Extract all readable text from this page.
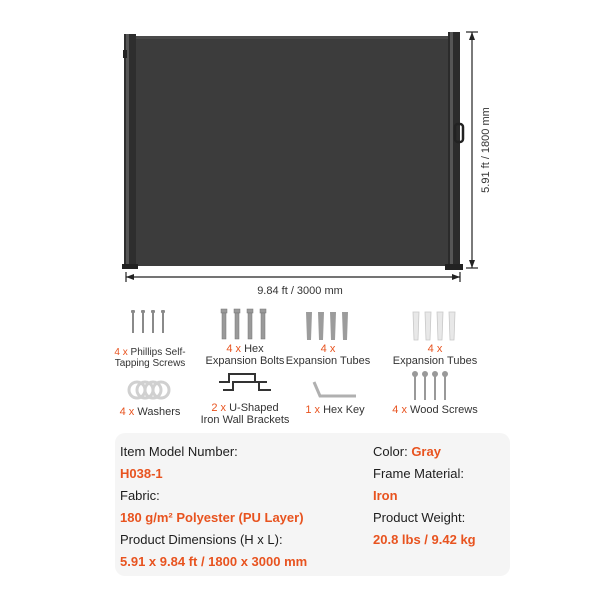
9.84 ft / 3000 mm
5.91 ft / 1800 mm
4 x Phillips Self-
Tapping Screws
4 x Hex
Expansion Bolts
4 x
Expansion Tubes
4 x
Expansion Tubes
4 x Washers	2 x U-Shaped
Iron Wall Brackets
1 x Hex Key	4 x Wood Screws
Item Model Number:
H038-1
Fabric:
180 g/m² Polyester (PU Layer)
Product Dimensions (H x L):
5.91 x 9.84 ft / 1800 x 3000 mm
Color: Gray
Frame Material:
Iron
Product Weight:
20.8 lbs / 9.42 kg
